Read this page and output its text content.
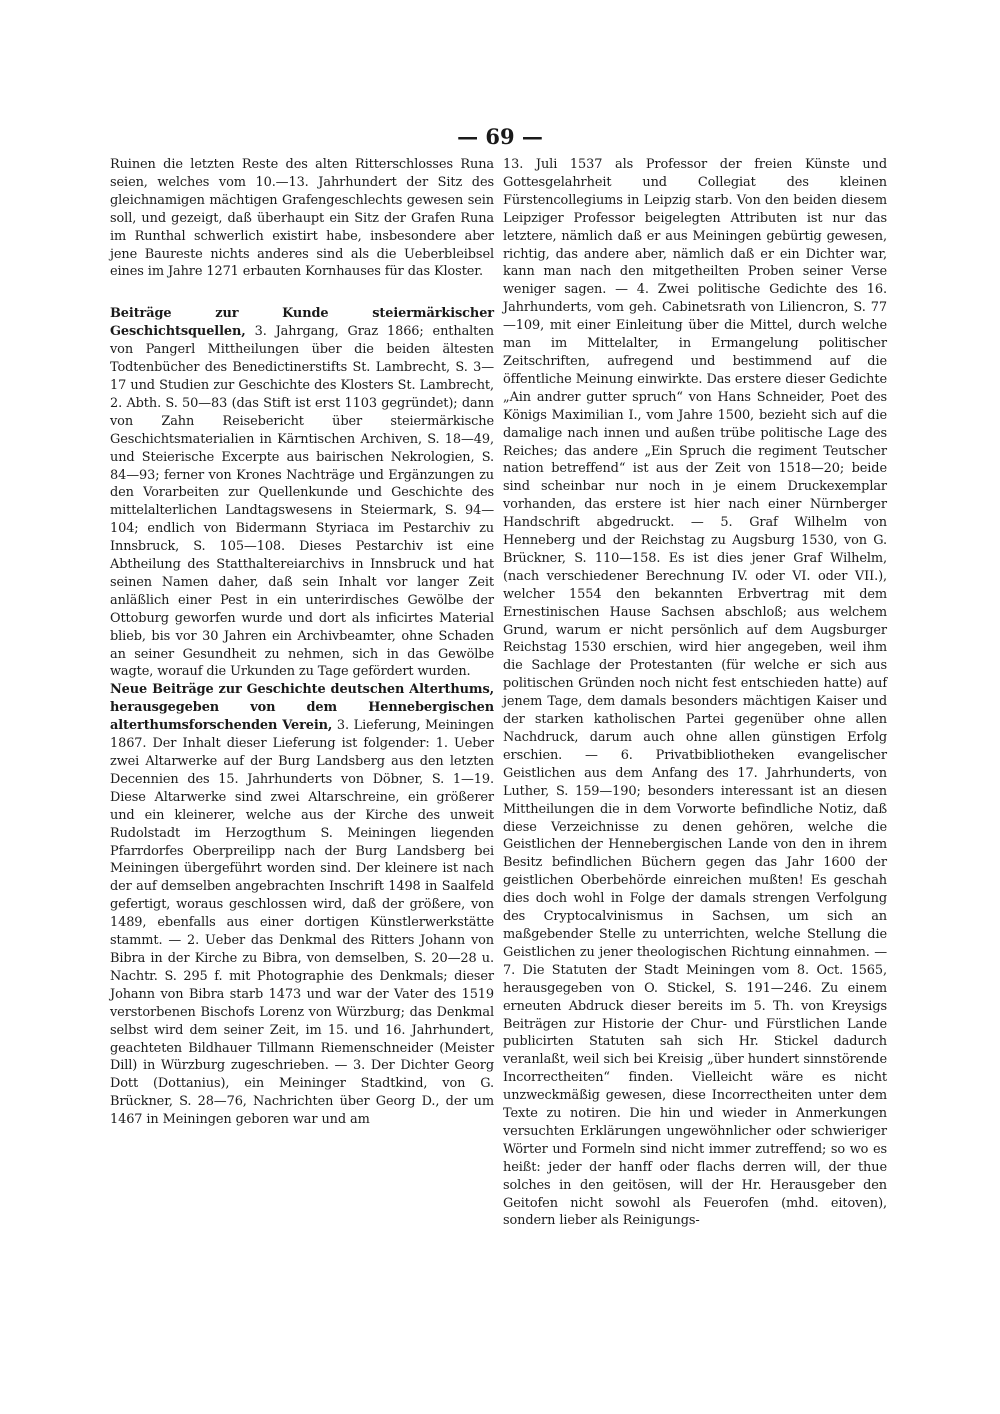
— 69 —

Ruinen die letzten Reste des alten Ritterschlosses Runa seien, welches vom 10.—13. Jahrhundert der Sitz des gleichnamigen mächtigen Grafengeschlechts gewesen sein soll, und gezeigt, daß überhaupt ein Sitz der Grafen Runa im Runthal schwerlich existirt habe, insbesondere aber jene Baureste nichts anderes sind als die Ueberbleibsel eines im Jahre 1271 erbauten Kornhauses für das Kloster.

Beiträge zur Kunde steiermärkischer Geschichtsquellen, 3. Jahrgang, Graz 1866; enthalten von Pangerl Mittheilungen über die beiden ältesten Todtenbücher des Benedictinerstifts St. Lambrecht, S. 3—17 und Studien zur Geschichte des Klosters St. Lambrecht, 2. Abth. S. 50—83 (das Stift ist erst 1103 gegründet); dann von Zahn Reisebericht über steiermärkische Geschichtsmaterialien in Kärntischen Archiven, S. 18—49, und Steierische Excerpte aus bairischen Nekrologien, S. 84—93; ferner von Krones Nachträge und Ergänzungen zu den Vorarbeiten zur Quellenkunde und Geschichte des mittelalterlichen Landtagswesens in Steiermark, S. 94—104; endlich von Bidermann Styriaca im Pestarchiv zu Innsbruck, S. 105—108. Dieses Pestarchiv ist eine Abtheilung des Statthaltereiarchivs in Innsbruck und hat seinen Namen daher, daß sein Inhalt vor langer Zeit anläßlich einer Pest in ein unterirdisches Gewölbe der Ottoburg geworfen wurde und dort als inficirtes Material blieb, bis vor 30 Jahren ein Archivbeamter, ohne Schaden an seiner Gesundheit zu nehmen, sich in das Gewölbe wagte, worauf die Urkunden zu Tage gefördert wurden.

Neue Beiträge zur Geschichte deutschen Alterthums, herausgegeben von dem Hennebergischen alterthumsforschenden Verein, 3. Lieferung, Meiningen 1867. Der Inhalt dieser Lieferung ist folgender: 1. Ueber zwei Altarwerke auf der Burg Landsberg aus den letzten Decennien des 15. Jahrhunderts von Döbner, S. 1—19. Diese Altarwerke sind zwei Altarschreine, ein größerer und ein kleinerer, welche aus der Kirche des unweit Rudolstadt im Herzogthum S. Meiningen liegenden Pfarrdorfes Oberpreilipp nach der Burg Landsberg bei Meiningen übergeführt worden sind. Der kleinere ist nach der auf demselben angebrachten Inschrift 1498 in Saalfeld gefertigt, woraus geschlossen wird, daß der größere, von 1489, ebenfalls aus einer dortigen Künstlerwerkstätte stammt. — 2. Ueber das Denkmal des Ritters Johann von Bibra in der Kirche zu Bibra, von demselben, S. 20—28 u. Nachtr. S. 295 f. mit Photographie des Denkmals; dieser Johann von Bibra starb 1473 und war der Vater des 1519 verstorbenen Bischofs Lorenz von Würzburg; das Denkmal selbst wird dem seiner Zeit, im 15. und 16. Jahrhundert, geachteten Bildhauer Tillmann Riemenschneider (Meister Dill) in Würzburg zugeschrieben. — 3. Der Dichter Georg Dott (Dottanius), ein Meininger Stadtkind, von G. Brückner, S. 28—76, Nachrichten über Georg D., der um 1467 in Meiningen geboren war und am

13. Juli 1537 als Professor der freien Künste und Gottesgelahrheit und Collegiat des kleinen Fürstencollegiums in Leipzig starb. Von den beiden diesem Leipziger Professor beigelegten Attributen ist nur das letztere, nämlich daß er aus Meiningen gebürtig gewesen, richtig, das andere aber, nämlich daß er ein Dichter war, kann man nach den mitgetheilten Proben seiner Verse weniger sagen. — 4. Zwei politische Gedichte des 16. Jahrhunderts, vom geh. Cabinetsrath von Liliencron, S. 77—109, mit einer Einleitung über die Mittel, durch welche man im Mittelalter, in Ermangelung politischer Zeitschriften, aufregend und bestimmend auf die öffentliche Meinung einwirkte. Das erstere dieser Gedichte „Ain andrer gutter spruch“ von Hans Schneider, Poet des Königs Maximilian I., vom Jahre 1500, bezieht sich auf die damalige nach innen und außen trübe politische Lage des Reiches; das andere „Ein Spruch die regiment Teutscher nation betreffend“ ist aus der Zeit von 1518—20; beide sind scheinbar nur noch in je einem Druckexemplar vorhanden, das erstere ist hier nach einer Nürnberger Handschrift abgedruckt. — 5. Graf Wilhelm von Henneberg und der Reichstag zu Augsburg 1530, von G. Brückner, S. 110—158. Es ist dies jener Graf Wilhelm, (nach verschiedener Berechnung IV. oder VI. oder VII.), welcher 1554 den bekannten Erbvertrag mit dem Ernestinischen Hause Sachsen abschloß; aus welchem Grund, warum er nicht persönlich auf dem Augsburger Reichstag 1530 erschien, wird hier angegeben, weil ihm die Sachlage der Protestanten (für welche er sich aus politischen Gründen noch nicht fest entschieden hatte) auf jenem Tage, dem damals besonders mächtigen Kaiser und der starken katholischen Partei gegenüber ohne allen Nachdruck, darum auch ohne allen günstigen Erfolg erschien. — 6. Privatbibliotheken evangelischer Geistlichen aus dem Anfang des 17. Jahrhunderts, von Luther, S. 159—190; besonders interessant ist an diesen Mittheilungen die in dem Vorworte befindliche Notiz, daß diese Verzeichnisse zu denen gehören, welche die Geistlichen der Hennebergischen Lande von den in ihrem Besitz befindlichen Büchern gegen das Jahr 1600 der geistlichen Oberbehörde einreichen mußten! Es geschah dies doch wohl in Folge der damals strengen Verfolgung des Cryptocalvinismus in Sachsen, um sich an maßgebender Stelle zu unterrichten, welche Stellung die Geistlichen zu jener theologischen Richtung einnahmen. — 7. Die Statuten der Stadt Meiningen vom 8. Oct. 1565, herausgegeben von O. Stickel, S. 191—246. Zu einem erneuten Abdruck dieser bereits im 5. Th. von Kreysigs Beiträgen zur Historie der Chur- und Fürstlichen Lande publicirten Statuten sah sich Hr. Stickel dadurch veranlaßt, weil sich bei Kreisig „über hundert sinnstörende Incorrectheiten“ finden. Vielleicht wäre es nicht unzweckmäßig gewesen, diese Incorrectheiten unter dem Texte zu notiren. Die hin und wieder in Anmerkungen versuchten Erklärungen ungewöhnlicher oder schwieriger Wörter und Formeln sind nicht immer zutreffend; so wo es heißt: jeder der hanff oder flachs derren will, der thue solches in den geitösen, will der Hr. Herausgeber den Geitofen nicht sowohl als Feuerofen (mhd. eitoven), sondern lieber als Reinigungs-
